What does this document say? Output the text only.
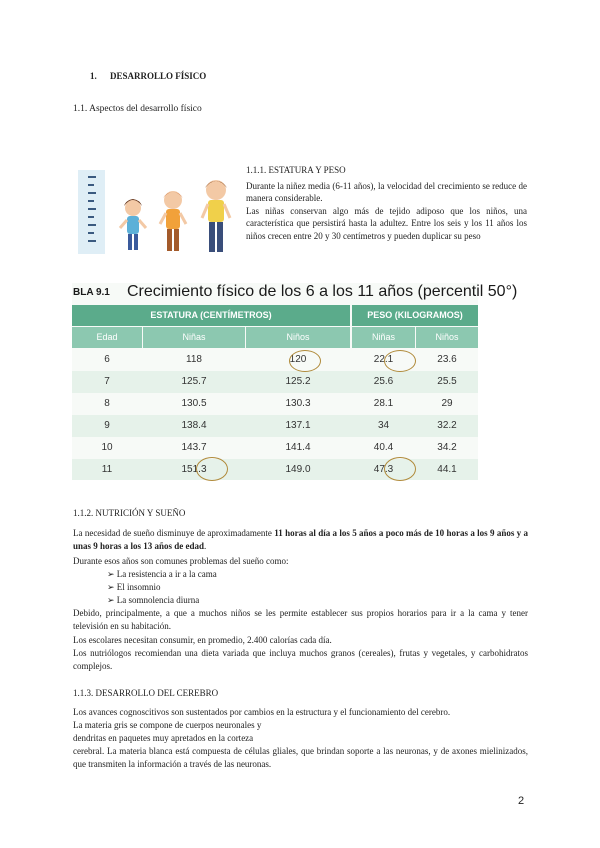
1. DESARROLLO FÍSICO
1.1. Aspectos del desarrollo físico
1.1.1. ESTATURA Y PESO
Durante la niñez media (6-11 años), la velocidad del crecimiento se reduce de manera considerable.
Las niñas conservan algo más de tejido adiposo que los niños, una característica que persistirá hasta la adultez. Entre los seis y los 11 años los niños crecen entre 20 y 30 centímetros y pueden duplicar su peso
BLA 9.1 Crecimiento físico de los 6 a los 11 años (percentil 50°)
ESTATURA (CENTÍMETROS)	PESO (KILOGRAMOS)
Edad	Niñas	Niños	Niñas	Niños
6	118	120	22.1	23.6
7	125.7	125.2	25.6	25.5
8	130.5	130.3	28.1	29
9	138.4	137.1	34	32.2
10	143.7	141.4	40.4	34.2
11	151.3	149.0	47.3	44.1
1.1.2. NUTRICIÓN Y SUEÑO
La necesidad de sueño disminuye de aproximadamente 11 horas al día a los 5 años a poco más de 10 horas a los 9 años y a unas 9 horas a los 13 años de edad.
Durante esos años son comunes problemas del sueño como:
➢ La resistencia a ir a la cama
➢ El insomnio
➢ La somnolencia diurna
Debido, principalmente, a que a muchos niños se les permite establecer sus propios horarios para ir a la cama y tener televisión en su habitación.
Los escolares necesitan consumir, en promedio, 2.400 calorías cada día.
Los nutriólogos recomiendan una dieta variada que incluya muchos granos (cereales), frutas y vegetales, y carbohidratos complejos.
1.1.3. DESARROLLO DEL CEREBRO
Los avances cognoscitivos son sustentados por cambios en la estructura y el funcionamiento del cerebro.
La materia gris se compone de cuerpos neuronales y
dendritas en paquetes muy apretados en la corteza
cerebral. La materia blanca está compuesta de células gliales, que brindan soporte a las neuronas, y de axones mielinizados, que transmiten la información a través de las neuronas.
2
